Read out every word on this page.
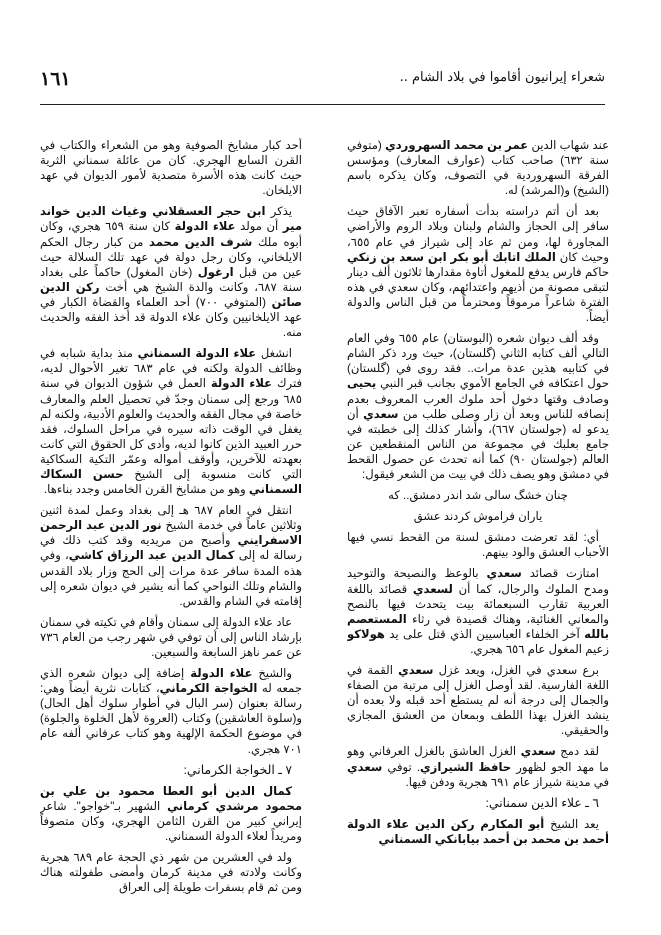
١٦١	شعراء إيرانيون أقاموا في بلاد الشام ..

عند شهاب الدين عمر بن محمد السهروردي (متوفي سنة ٦٣٢) صاحب كتاب (عوارف المعارف) ومؤسس الفرقة السهروردية في التصوف، وكان يذكره باسم (الشيخ) و(المرشد) له.

بعد أن أتم دراسته بدأت أسفاره تعبر الآفاق حيث سافر إلى الحجاز والشام ولبنان وبلاد الروم والأراضي المجاورة لها، ومن ثم عاد إلى شيراز في عام ٦٥٥، وحيث كان الملك اتابك أبو بكر ابن سعد بن زنكي حاكم فارس يدفع للمغول أتاوة مقدارها ثلاثون ألف دينار لتبقى مصونة من أذيهم واعتدائهم، وكان سعدي في هذه الفترة شاعراً مرموقاً ومحترماً من قبل الناس والدولة أيضاً.

وقد ألف ديوان شعره (البوستان) عام ٦٥٥ وفي العام التالي ألف كتابه الثاني (گلستان)، حيث ورد ذكر الشام في كتابيه هذين عدة مرات.. فقد روى في (گلستان) حول اعتكافه في الجامع الأموي بجانب قبر النبي يحيى وصادف وقتها دخول أحد ملوك العرب المعروف بعدم إنصافه للناس وبعد أن زار وصلى طلب من سعدي أن يدعو له (جولستان ٦٦٧)، وأشار كذلك إلى خطبته في جامع بعلبك في مجموعة من الناس المنقطعين عن العالم (جولستان ٩٠) كما أنه تحدث عن حصول القحط في دمشق وهو يصف ذلك في بيت من الشعر فيقول:

چنان خشگ سالى شد اندر دمشق.. كه

ياران فراموش كردند عشق

أي: لقد تعرضت دمشق لسنة من القحط نسي فيها الأحباب العشق والود بينهم.

امتازت قصائد سعدي بالوعظ والنصيحة والتوحيد ومدح الملوك والرجال، كما أن لسعدي قصائد باللغة العربية تقارب السبعمائة بيت يتحدث فيها بالنصح والمعاني الغنائية، وهناك قصيدة في رثاء المستعصم بالله آخر الخلفاء العباسيين الذي قتل على يد هولاكو زعيم المغول عام ٦٥٦ هجري.

برع سعدي في الغزل، ويعد غزل سعدي القمة في اللغة الفارسية. لقد أوصل الغزل إلى مرتبة من الصفاء والجمال إلى درجة أنه لم يستطع أحد قبله ولا بعده أن ينشد الغزل بهذا اللطف وبمعان من العشق المجازي والحقيقي.

لقد دمج سعدي الغزل العاشق بالغزل العرفاني وهو ما مهد الجو لظهور حافظ الشيرازي. توفي سعدي في مدينة شيراز عام ٦٩١ هجرية ودفن فيها.

٦ ـ علاء الدين سمناني:

يعد الشيخ أبو المكارم ركن الدين علاء الدولة أحمد بن محمد بن أحمد بيابانكي السمناني

أحد كبار مشايخ الصوفية وهو من الشعراء والكتاب في القرن السابع الهجري. كان من عائلة سمناني الثرية حيث كانت هذه الأسرة متصدية لأمور الديوان في عهد الايلخان.

يذكر ابن حجر العسقلاني وغياث الدين خواند مير أن مولد علاء الدولة كان سنة ٦٥٩ هجري، وكان أبوه ملك شرف الدين محمد من كبار رجال الحكم الايلخاني، وكان رجل دولة في عهد تلك السلالة حيث عين من قبل ارغول (خان المغول) حاكماً على بغداد سنة ٦٨٧، وكانت والدة الشيخ هي أخت ركن الدين صائن (المتوفي ٧٠٠) أحد العلماء والقضاة الكبار في عهد الايلخانيين وكان علاء الدولة قد أخذ الفقه والحديث منه.

انشغل علاء الدولة السمناني منذ بداية شبابه في وظائف الدولة ولكنه في عام ٦٨٣ تغير الأحوال لديه، فترك علاء الدولة العمل في شؤون الديوان في سنة ٦٨٥ ورجع إلى سمنان وجدّ في تحصيل العلم والمعارف خاصة في مجال الفقه والحديث والعلوم الأدبية، ولكنه لم يغفل في الوقت ذاته سيره في مراحل السلوك، فقد حرر العبيد الذين كانوا لديه، وأدى كل الحقوق التي كانت بعهدته للآخرين، وأوقف أمواله وعمّر التكية السكاكية التي كانت منسوبة إلى الشيخ حسن السكاك السمناني وهو من مشايخ القرن الخامس وجدد بناءها.

انتقل في العام ٦٨٧ هـ إلى بغداد وعمل لمدة اثنين وثلاثين عاماً في خدمة الشيخ نور الدين عبد الرحمن الاسفرايني وأصبح من مريديه وقد كتب ذلك في رسالة له إلى كمال الدين عبد الرزاق كاشي، وفي هذه المدة سافر عدة مرات إلى الحج وزار بلاد القدس والشام وتلك النواحي كما أنه يشير في ديوان شعره إلى إقامته في الشام والقدس.

عاد علاء الدولة إلى سمنان وأقام في تكيته في سمنان بإرشاد الناس إلى أن توفي في شهر رجب من العام ٧٣٦ عن عمر ناهز السابعة والسبعين.

والشيخ علاء الدولة إضافة إلى ديوان شعره الذي جمعه له الخواجة الكرماني، كتابات نثرية أيضاً وهي: رسالة بعنوان (سر البال في أطوار سلوك أهل الحال) و(سلوة العاشقين) وكتاب (العروة لأهل الخلوة والجلوة) في موضوع الحكمة الإلهية وهو كتاب عرفاني ألفه عام ٧٠١ هجري.

٧ ـ الخواجة الكرماني:

كمال الدين أبو العطا محمود بن علي بن محمود مرشدي كرماني الشهير بـ"خواجو". شاعر إيراني كبير من القرن الثامن الهجري، وكان متصوفاً ومريداً لعلاء الدولة السمناني.

ولد في العشرين من شهر ذي الحجة عام ٦٨٩ هجرية وكانت ولادته في مدينة كرمان وأمضى طفولته هناك ومن ثم قام بسفرات طويلة إلى العراق
